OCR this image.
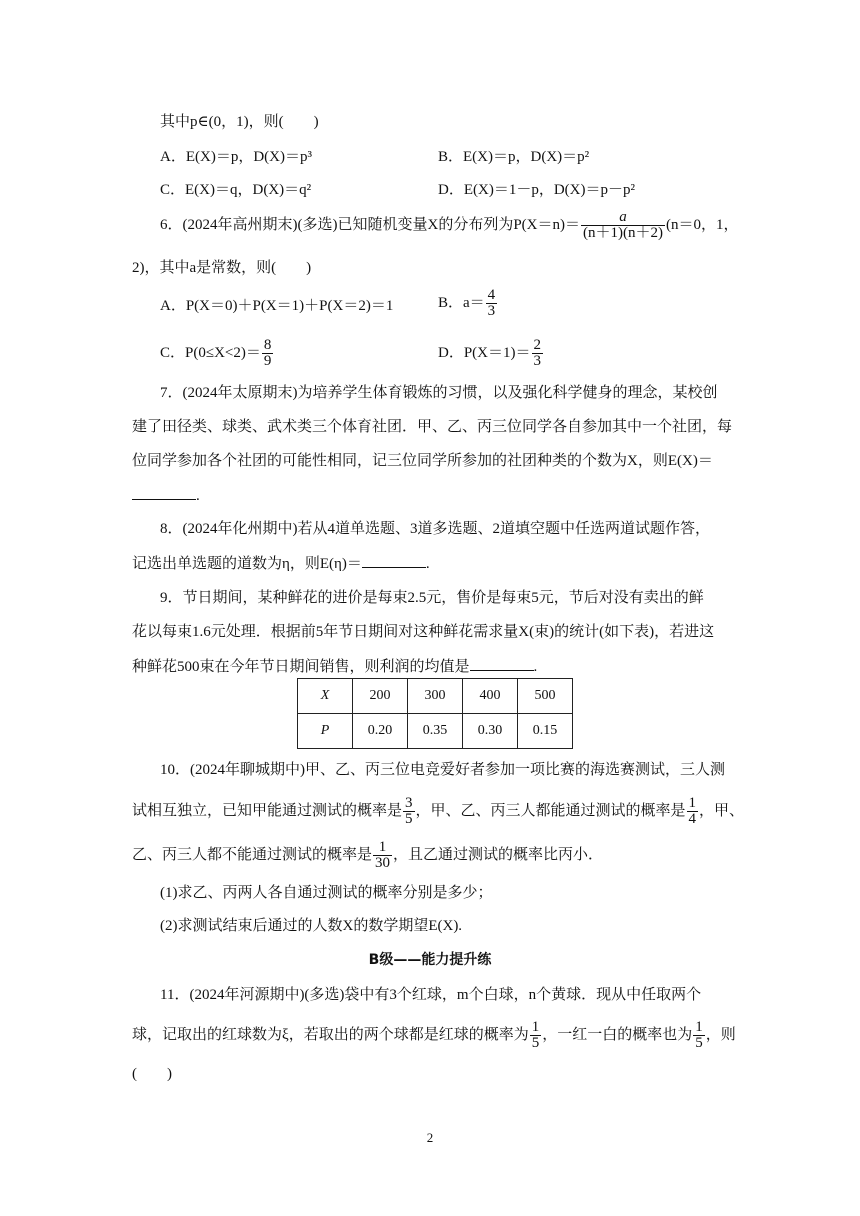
其中p∈(0，1)，则(　　)
A．E(X)＝p，D(X)＝p³	B．E(X)＝p，D(X)＝p²
C．E(X)＝q，D(X)＝q²	D．E(X)＝1－p，D(X)＝p－p²
6．(2024年高州期末)(多选)已知随机变量X的分布列为$P(X=n)= \frac{a}{(n+1)(n+2)} (n=0$，1，
2)，其中a是常数，则(　　)
A．P(X＝0)＋P(X＝1)＋P(X＝2)＝1	B．$a= \frac{4}{3}$
C．$P(0\le X<2)= \frac{8}{9}$	D．$P(X=1)= \frac{2}{3}$
7．(2024年太原期末)为培养学生体育锻炼的习惯，以及强化科学健身的理念，某校创
建了田径类、球类、武术类三个体育社团．甲、乙、丙三位同学各自参加其中一个社团，每
位同学参加各个社团的可能性相同，记三位同学所参加的社团种类的个数为X，则E(X)＝
.
8．(2024年化州期中)若从4道单选题、3道多选题、2道填空题中任选两道试题作答，
记选出单选题的道数为η，则E(η)＝	.
9．节日期间，某种鲜花的进价是每束2.5元，售价是每束5元，节后对没有卖出的鲜
花以每束1.6元处理．根据前5年节日期间对这种鲜花需求量X(束)的统计(如下表)，若进这
种鲜花500束在今年节日期间销售，则利润的均值是	.
X	200	300	400	500
P	0.20	0.35	0.30	0.15
10．(2024年聊城期中)甲、乙、丙三位电竞爱好者参加一项比赛的海选赛测试，三人测
试相互独立，已知甲能通过测试的概率是 $\frac{3}{5}$ ，甲、乙、丙三人都能通过测试的概率是 $\frac{1}{4}$ ，甲、
乙、丙三人都不能通过测试的概率是 $\frac{1}{30}$ ，且乙通过测试的概率比丙小．
(1)求乙、丙两人各自通过测试的概率分别是多少；
(2)求测试结束后通过的人数X的数学期望E(X).
B级——能力提升练
11．(2024年河源期中)(多选)袋中有3个红球，m个白球，n个黄球．现从中任取两个
球，记取出的红球数为ξ，若取出的两个球都是红球的概率为 $\frac{1}{5}$ ，一红一白的概率也为 $\frac{1}{5}$ ，则
(　　)
2
